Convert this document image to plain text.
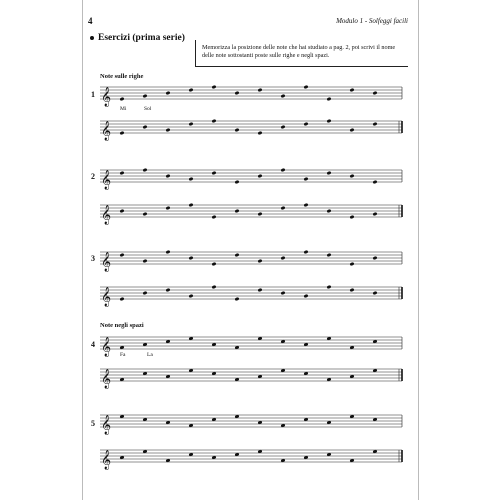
4	Modulo 1 - Solfeggi facili
Esercizi (prima serie)
Memorizza la posizione delle note che hai studiato a pag. 2, poi scrivi il nome delle note sottostanti poste sulle righe e negli spazi.
Note sulle righe
Note negli spazi
1
2
3
4
5
Mi	Sol
Fa	La
𝄞
𝄞
𝄞
𝄞
𝄞
𝄞
𝄞
𝄞
𝄞
𝄞
